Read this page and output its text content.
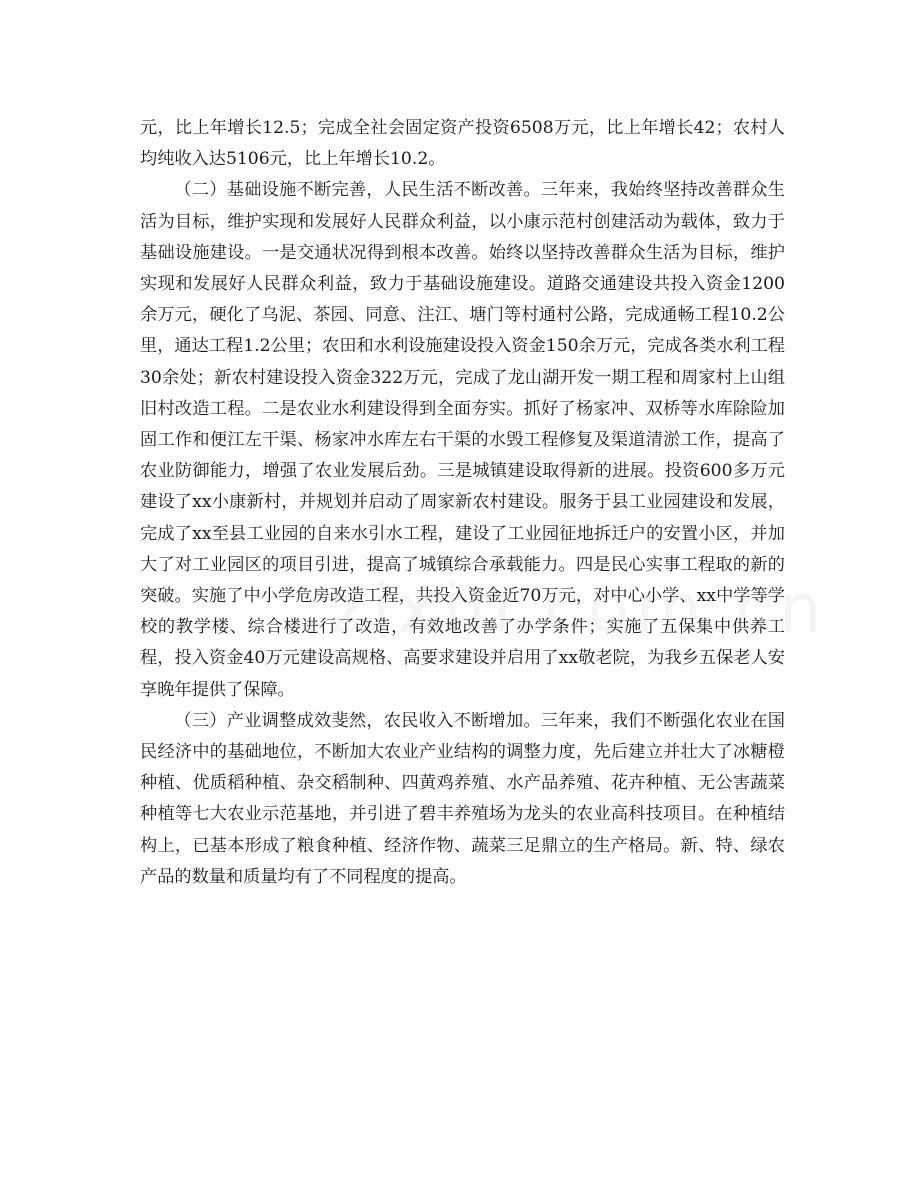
元，比上年增长12.5；完成全社会固定资产投资6508万元，比上年增长42；农村人均纯收入达5106元，比上年增长10.2。

（二）基础设施不断完善，人民生活不断改善。三年来，我始终坚持改善群众生活为目标，维护实现和发展好人民群众利益，以小康示范村创建活动为载体，致力于基础设施建设。一是交通状况得到根本改善。始终以坚持改善群众生活为目标，维护实现和发展好人民群众利益，致力于基础设施建设。道路交通建设共投入资金1200余万元，硬化了乌泥、茶园、同意、注江、塘门等村通村公路，完成通畅工程10.2公里，通达工程1.2公里；农田和水利设施建设投入资金150余万元，完成各类水利工程30余处；新农村建设投入资金322万元，完成了龙山湖开发一期工程和周家村上山组旧村改造工程。二是农业水利建设得到全面夯实。抓好了杨家冲、双桥等水库除险加固工作和便江左干渠、杨家冲水库左右干渠的水毁工程修复及渠道清淤工作，提高了农业防御能力，增强了农业发展后劲。三是城镇建设取得新的进展。投资600多万元建设了xx小康新村，并规划并启动了周家新农村建设。服务于县工业园建设和发展，完成了xx至县工业园的自来水引水工程，建设了工业园征地拆迁户的安置小区，并加大了对工业园区的项目引进，提高了城镇综合承载能力。四是民心实事工程取的新的突破。实施了中小学危房改造工程，共投入资金近70万元，对中心小学、xx中学等学校的教学楼、综合楼进行了改造，有效地改善了办学条件；实施了五保集中供养工程，投入资金40万元建设高规格、高要求建设并启用了xx敬老院，为我乡五保老人安享晚年提供了保障。

（三）产业调整成效斐然，农民收入不断增加。三年来，我们不断强化农业在国民经济中的基础地位，不断加大农业产业结构的调整力度，先后建立并壮大了冰糖橙种植、优质稻种植、杂交稻制种、四黄鸡养殖、水产品养殖、花卉种植、无公害蔬菜种植等七大农业示范基地，并引进了碧丰养殖场为龙头的农业高科技项目。在种植结构上，已基本形成了粮食种植、经济作物、蔬菜三足鼎立的生产格局。新、特、绿农产品的数量和质量均有了不同程度的提高。
